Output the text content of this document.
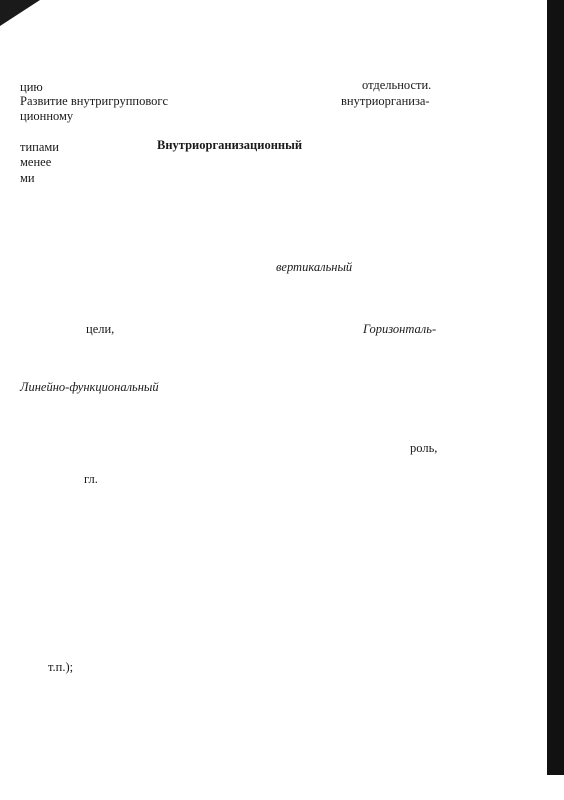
цию	отдельности.
Развитие внутригрупповогс	внутриорганиза-
ционному
типами	Внутриорганизационный
менее
ми
вертикальный
цели,	Горизонталь-
Линейно-функциональный
роль,
гл.
т.п.);
